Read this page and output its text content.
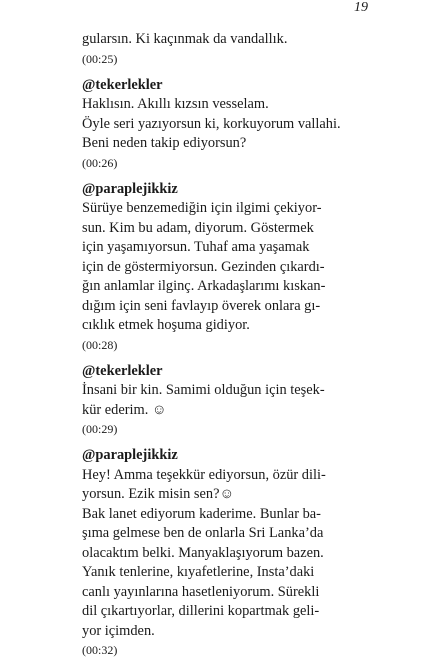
19
gularsın. Ki kaçınmak da vandallık.
(00:25)
@tekerlekler
Haklısın. Akıllı kızsın vesselam.
Öyle seri yazıyorsun ki, korkuyorum vallahi.
Beni neden takip ediyorsun?
(00:26)
@paraplejikkiz
Sürüye benzemediğin için ilgimi çekiyor-
sun. Kim bu adam, diyorum. Göstermek
için yaşamıyorsun. Tuhaf ama yaşamak
için de göstermiyorsun. Gezinden çıkardı-
ğın anlamlar ilginç. Arkadaşlarımı kıskan-
dığım için seni favlayıp överek onlara gı-
cıklık etmek hoşuma gidiyor.
(00:28)
@tekerlekler
İnsani bir kin. Samimi olduğun için teşek-
kür ederim. ☺
(00:29)
@paraplejikkiz
Hey! Amma teşekkür ediyorsun, özür dili-
yorsun. Ezik misin sen?☺
Bak lanet ediyorum kaderime. Bunlar ba-
şıma gelmese ben de onlarla Sri Lanka’da
olacaktım belki. Manyaklaşıyorum bazen.
Yanık tenlerine, kıyafetlerine, Insta’daki
canlı yayınlarına hasetleniyorum. Sürekli
dil çıkartıyorlar, dillerini kopartmak geli-
yor içimden.
(00:32)
